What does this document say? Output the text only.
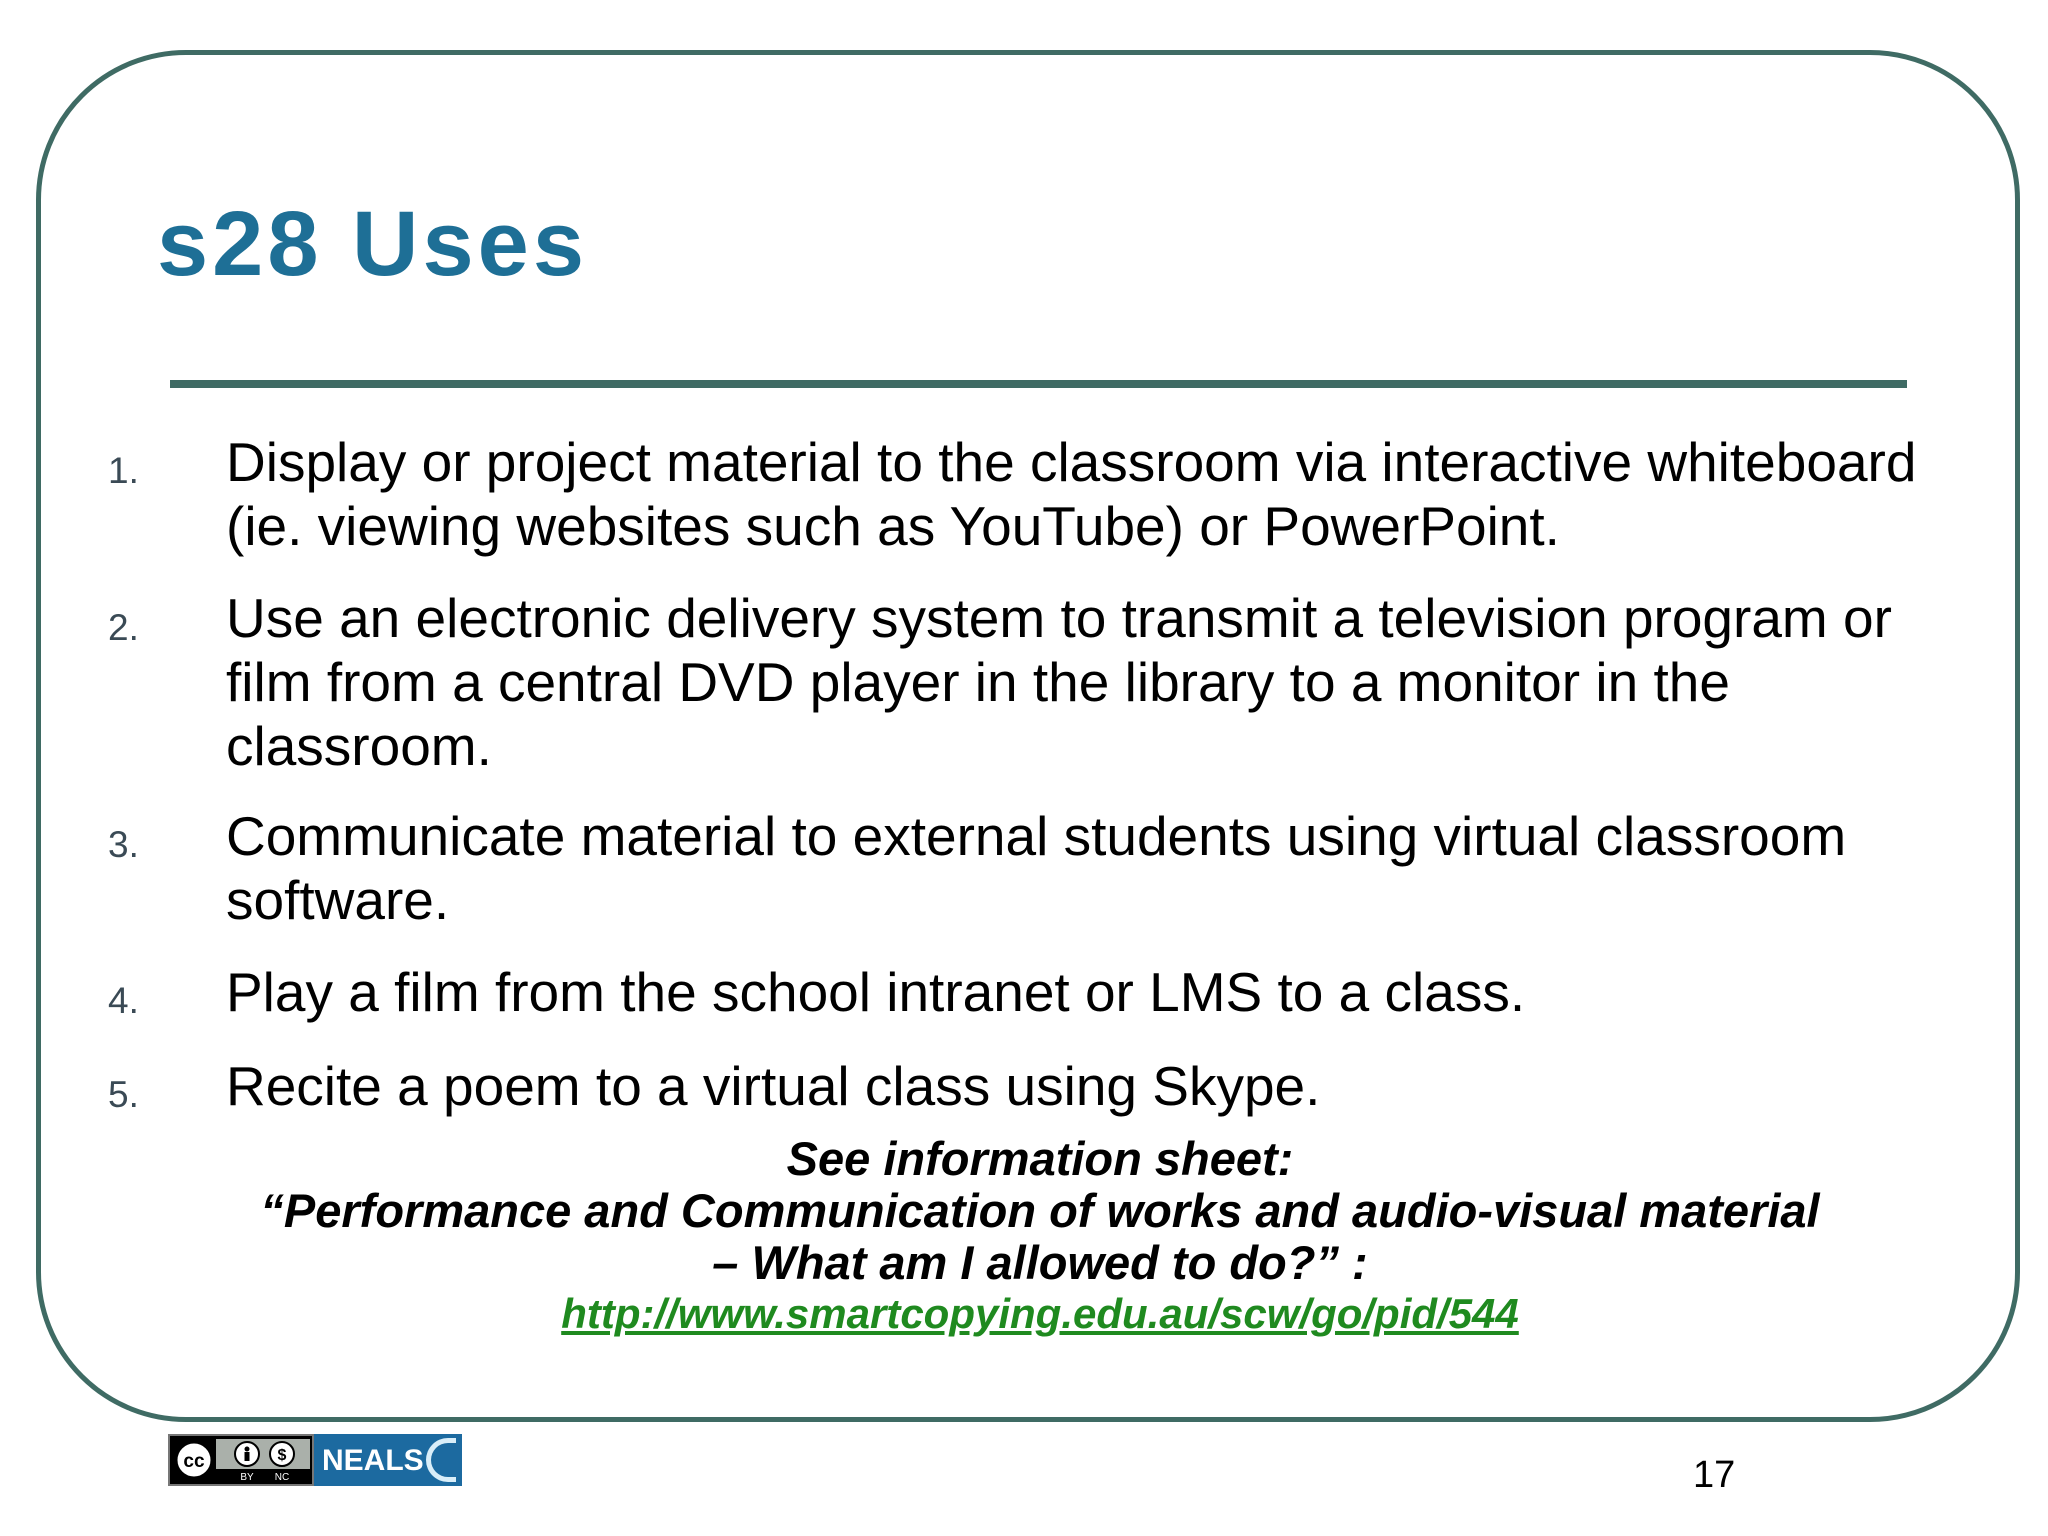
s28 Uses
1. Display or project material to the classroom via interactive whiteboard (ie. viewing websites such as YouTube) or PowerPoint.
2. Use an electronic delivery system to transmit a television program or film from a central DVD player in the library to a monitor in the classroom.
3. Communicate material to external students using virtual classroom software.
4. Play a film from the school intranet or LMS to a class.
5. Recite a poem to a virtual class using Skype.
See information sheet:
“Performance and Communication of works and audio-visual material
– What am I allowed to do?” :
http://www.smartcopying.edu.au/scw/go/pid/544
cc	$
BY NC
NEALS	17
